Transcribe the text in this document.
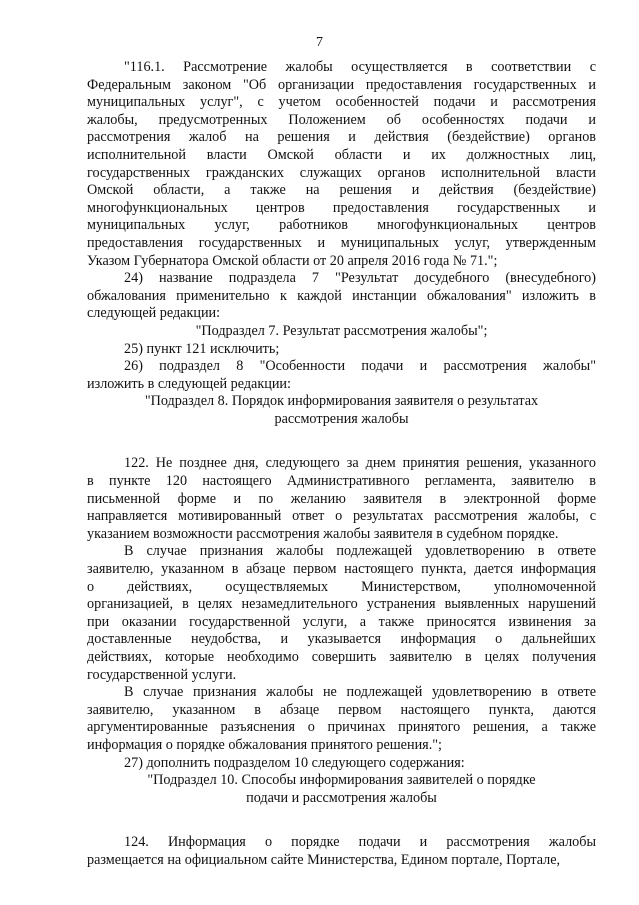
7

"116.1. Рассмотрение жалобы осуществляется в соответствии с

Федеральным законом "Об организации предоставления государственных и

муниципальных услуг", с учетом особенностей подачи и рассмотрения

жалобы, предусмотренных Положением об особенностях подачи и

рассмотрения жалоб на решения и действия (бездействие) органов

исполнительной власти Омской области и их должностных лиц,

государственных гражданских служащих органов исполнительной власти

Омской области, а также на решения и действия (бездействие)

многофункциональных центров предоставления государственных и

муниципальных услуг, работников многофункциональных центров

предоставления государственных и муниципальных услуг, утвержденным

Указом Губернатора Омской области от 20 апреля 2016 года № 71.";

24) название подраздела 7 "Результат досудебного (внесудебного)

обжалования применительно к каждой инстанции обжалования" изложить в

следующей редакции:

"Подраздел 7. Результат рассмотрения жалобы";

25) пункт 121 исключить;

26) подраздел 8 "Особенности подачи и рассмотрения жалобы"

изложить в следующей редакции:

"Подраздел 8. Порядок информирования заявителя о результатах

рассмотрения жалобы

122. Не позднее дня, следующего за днем принятия решения, указанного

в пункте 120 настоящего Административного регламента, заявителю в

письменной форме и по желанию заявителя в электронной форме

направляется мотивированный ответ о результатах рассмотрения жалобы, с

указанием возможности рассмотрения жалобы заявителя в судебном порядке.

В случае признания жалобы подлежащей удовлетворению в ответе

заявителю, указанном в абзаце первом настоящего пункта, дается информация

о действиях, осуществляемых Министерством, уполномоченной

организацией, в целях незамедлительного устранения выявленных нарушений

при оказании государственной услуги, а также приносятся извинения за

доставленные неудобства, и указывается информация о дальнейших

действиях, которые необходимо совершить заявителю в целях получения

государственной услуги.

В случае признания жалобы не подлежащей удовлетворению в ответе

заявителю, указанном в абзаце первом настоящего пункта, даются

аргументированные разъяснения о причинах принятого решения, а также

информация о порядке обжалования принятого решения.";

27) дополнить подразделом 10 следующего содержания:

"Подраздел 10. Способы информирования заявителей о порядке

подачи и рассмотрения жалобы

124. Информация о порядке подачи и рассмотрения жалобы

размещается на официальном сайте Министерства, Едином портале, Портале,
